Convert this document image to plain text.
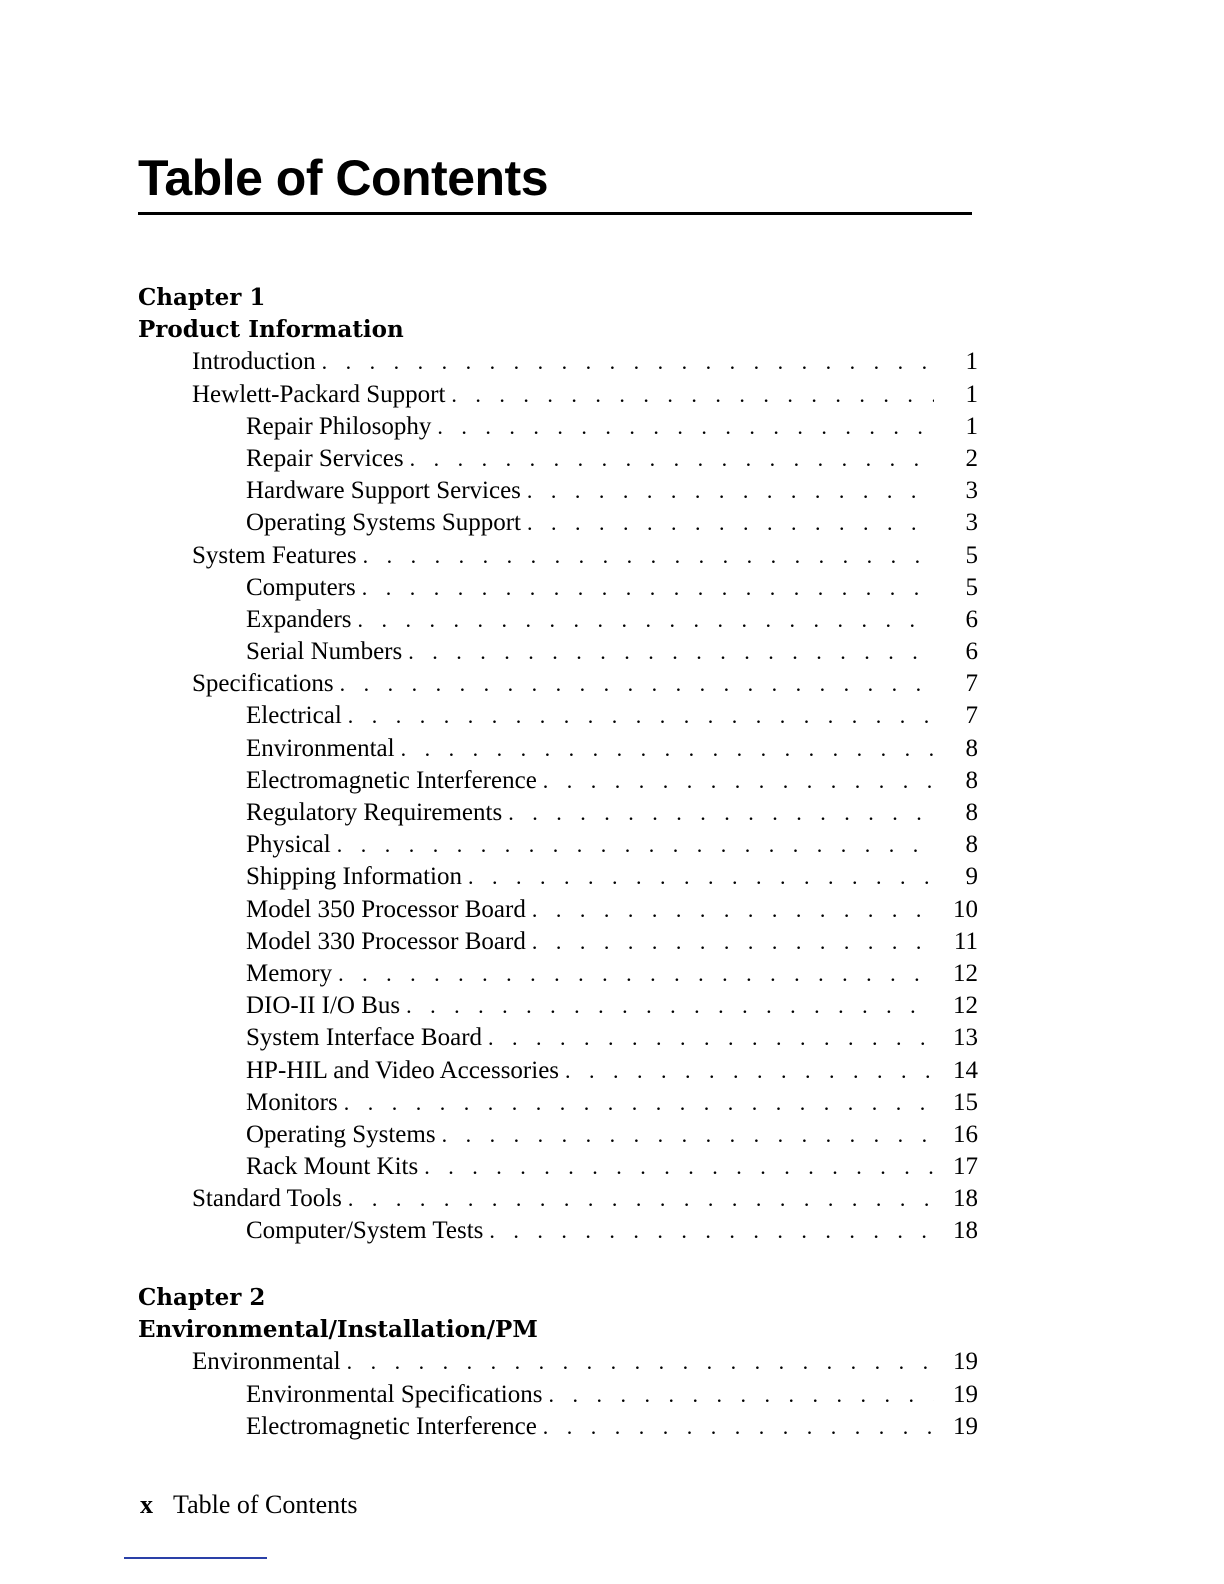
Table of Contents
Chapter 1
Product Information
Introduction . . .	1
Hewlett-Packard Support . . .	1
Repair Philosophy . . .	1
Repair Services . . .	2
Hardware Support Services . . .	3
Operating Systems Support . . .	3
System Features . . .	5
Computers . . .	5
Expanders . . .	6
Serial Numbers . . .	6
Specifications . . .	7
Electrical . . .	7
Environmental . . .	8
Electromagnetic Interference . . .	8
Regulatory Requirements . . .	8
Physical . . .	8
Shipping Information . . .	9
Model 350 Processor Board . . .	10
Model 330 Processor Board . . .	11
Memory . . .	12
DIO-II I/O Bus . . .	12
System Interface Board . . .	13
HP-HIL and Video Accessories . . .	14
Monitors . . .	15
Operating Systems . . .	16
Rack Mount Kits . . .	17
Standard Tools . . .	18
Computer/System Tests . . .	18
Chapter 2
Environmental/Installation/PM
Environmental . . .	19
Environmental Specifications . . .	19
Electromagnetic Interference . . .	19
x Table of Contents
